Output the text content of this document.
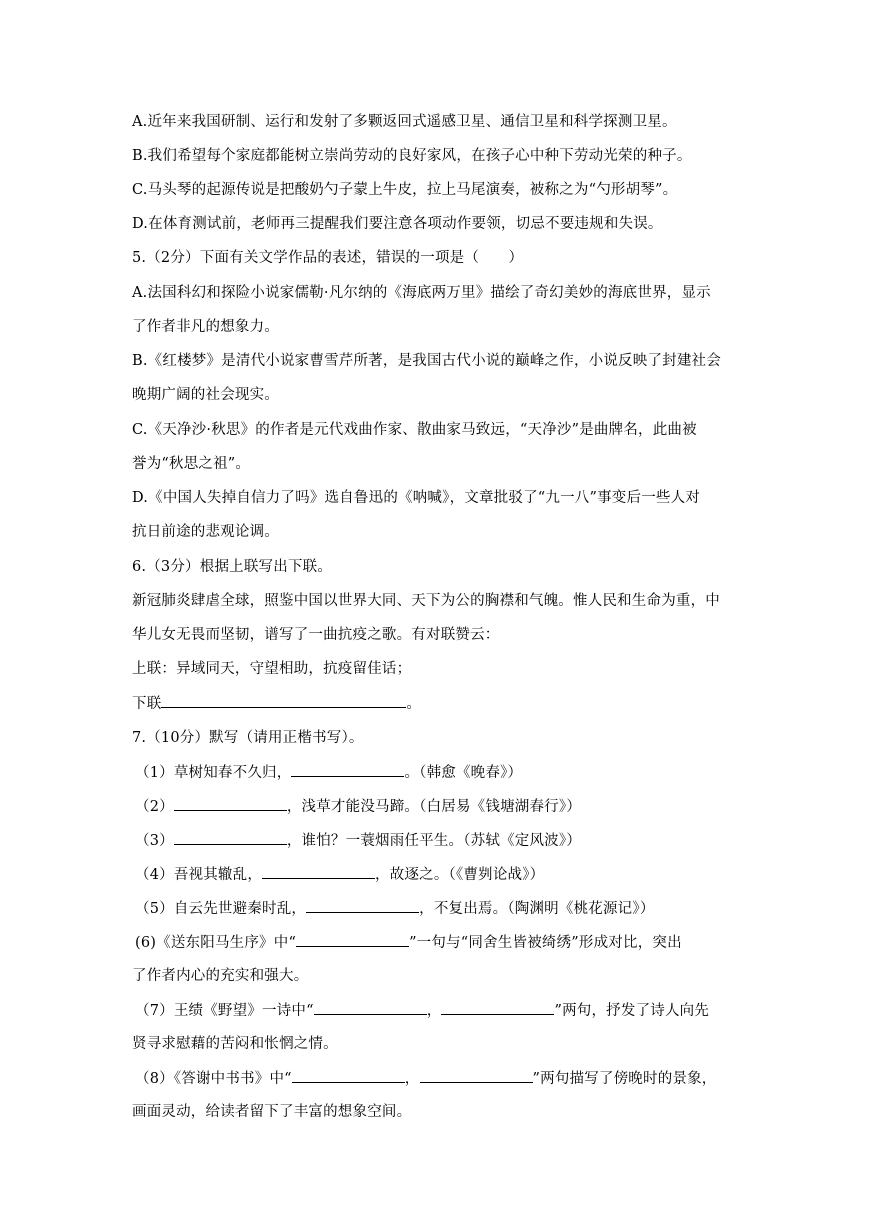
A.近年来我国研制、运行和发射了多颗返回式遥感卫星、通信卫星和科学探测卫星。
B.我们希望每个家庭都能树立崇尚劳动的良好家风，在孩子心中种下劳动光荣的种子。
C.马头琴的起源传说是把酸奶勺子蒙上牛皮，拉上马尾演奏，被称之为“勺形胡琴”。
D.在体育测试前，老师再三提醒我们要注意各项动作要领，切忌不要违规和失误。
5.（2分）下面有关文学作品的表述，错误的一项是（　　）
A.法国科幻和探险小说家儒勒·凡尔纳的《海底两万里》描绘了奇幻美妙的海底世界，显示
了作者非凡的想象力。
B.《红楼梦》是清代小说家曹雪芹所著，是我国古代小说的巅峰之作，小说反映了封建社会
晚期广阔的社会现实。
C.《天净沙·秋思》的作者是元代戏曲作家、散曲家马致远，“天净沙”是曲牌名，此曲被
誉为“秋思之祖”。
D.《中国人失掉自信力了吗》选自鲁迅的《呐喊》，文章批驳了“九一八”事变后一些人对
抗日前途的悲观论调。
6.（3分）根据上联写出下联。
新冠肺炎肆虐全球，照鉴中国以世界大同、天下为公的胸襟和气魄。惟人民和生命为重，中
华儿女无畏而坚韧，谱写了一曲抗疫之歌。有对联赞云：
上联：异域同天，守望相助，抗疫留佳话；
下联	。
7.（10分）默写（请用正楷书写）。
（1）草树知春不久归，	。（韩愈《晚春》）
（2）	，浅草才能没马蹄。（白居易《钱塘湖春行》）
（3）	，谁怕？一蓑烟雨任平生。（苏轼《定风波》）
（4）吾视其辙乱，	，故逐之。（《曹刿论战》）
（5）自云先世避秦时乱，	，不复出焉。（陶渊明《桃花源记》）
(6)《送东阳马生序》中“	”一句与“同舍生皆被绮绣”形成对比，突出
了作者内心的充实和强大。
（7）王绩《野望》一诗中“	，	”两句，抒发了诗人向先
贤寻求慰藉的苦闷和怅惘之情。
（8）《答谢中书书》中“	，	”两句描写了傍晚时的景象，
画面灵动，给读者留下了丰富的想象空间。
